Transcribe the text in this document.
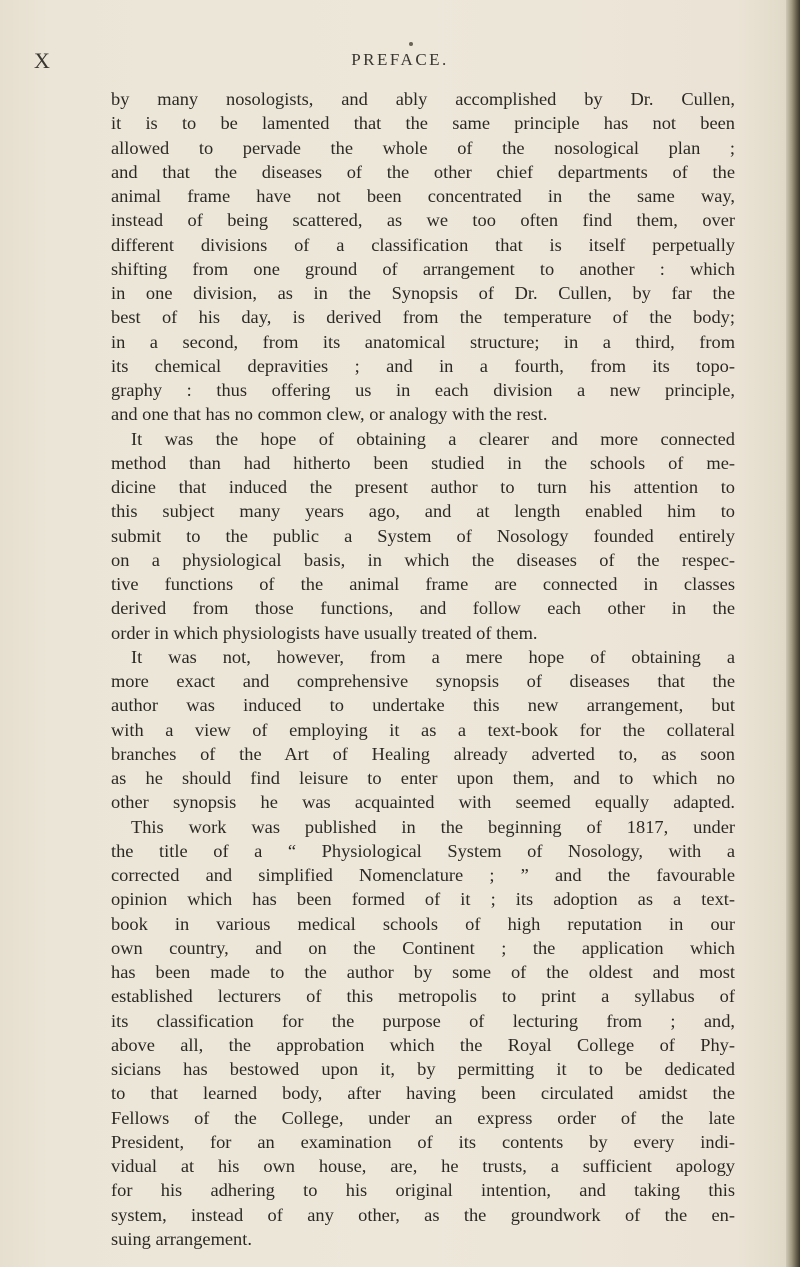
X	PREFACE.
by many nosologists, and ably accomplished by Dr. Cullen,
it is to be lamented that the same principle has not been
allowed to pervade the whole of the nosological plan ;
and that the diseases of the other chief departments of the
animal frame have not been concentrated in the same way,
instead of being scattered, as we too often find them, over
different divisions of a classification that is itself perpetually
shifting from one ground of arrangement to another : which
in one division, as in the Synopsis of Dr. Cullen, by far the
best of his day, is derived from the temperature of the body;
in a second, from its anatomical structure; in a third, from
its chemical depravities ; and in a fourth, from its topo-
graphy : thus offering us in each division a new principle,
and one that has no common clew, or analogy with the rest.
It was the hope of obtaining a clearer and more connected
method than had hitherto been studied in the schools of me-
dicine that induced the present author to turn his attention to
this subject many years ago, and at length enabled him to
submit to the public a System of Nosology founded entirely
on a physiological basis, in which the diseases of the respec-
tive functions of the animal frame are connected in classes
derived from those functions, and follow each other in the
order in which physiologists have usually treated of them.
It was not, however, from a mere hope of obtaining a
more exact and comprehensive synopsis of diseases that the
author was induced to undertake this new arrangement, but
with a view of employing it as a text-book for the collateral
branches of the Art of Healing already adverted to, as soon
as he should find leisure to enter upon them, and to which no
other synopsis he was acquainted with seemed equally adapted.
This work was published in the beginning of 1817, under
the title of a “ Physiological System of Nosology, with a
corrected and simplified Nomenclature ; ” and the favourable
opinion which has been formed of it ; its adoption as a text-
book in various medical schools of high reputation in our
own country, and on the Continent ; the application which
has been made to the author by some of the oldest and most
established lecturers of this metropolis to print a syllabus of
its classification for the purpose of lecturing from ; and,
above all, the approbation which the Royal College of Phy-
sicians has bestowed upon it, by permitting it to be dedicated
to that learned body, after having been circulated amidst the
Fellows of the College, under an express order of the late
President, for an examination of its contents by every indi-
vidual at his own house, are, he trusts, a sufficient apology
for his adhering to his original intention, and taking this
system, instead of any other, as the groundwork of the en-
suing arrangement.
